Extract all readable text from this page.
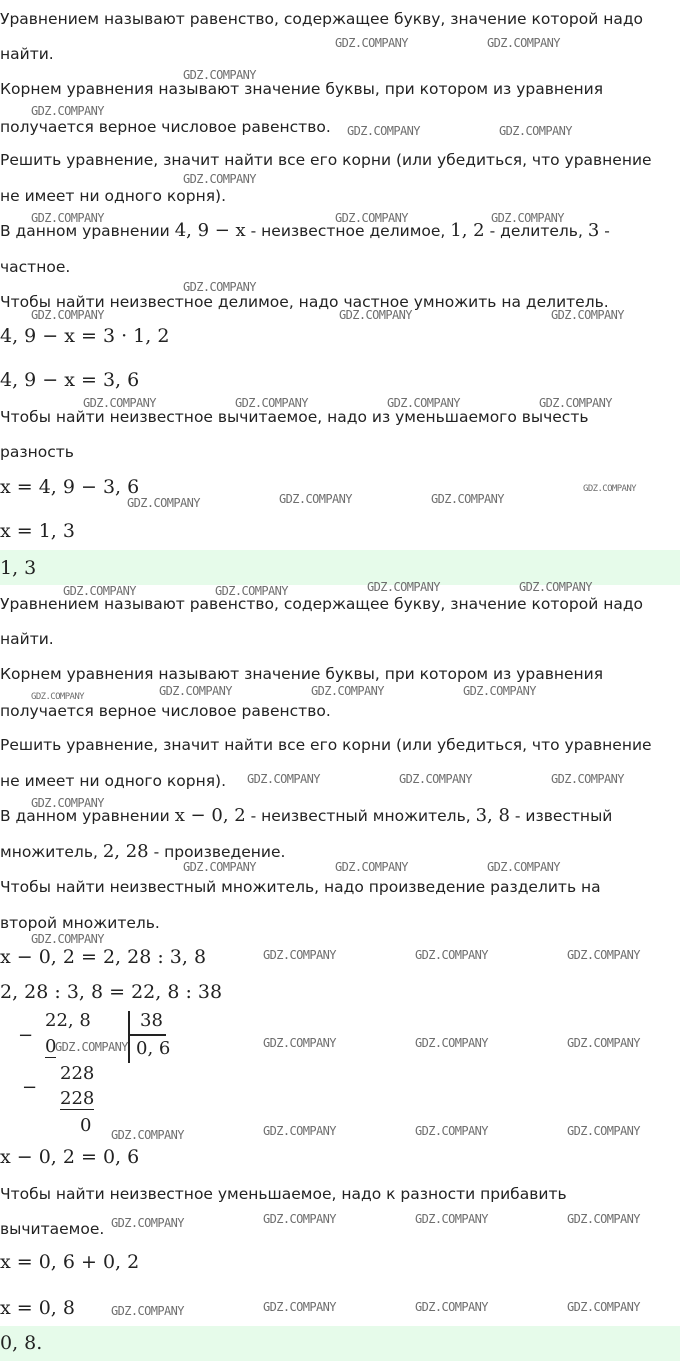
Уравнением называют равенство, содержащее букву, значение которой надо
найти.
Корнем уравнения называют значение буквы, при котором из уравнения
получается верное числовое равенство.
Решить уравнение, значит найти все его корни (или убедиться, что уравнение
не имеет ни одного корня).
В данном уравнении 4, 9 − x - неизвестное делимое, 1, 2 - делитель, 3 -
частное.
Чтобы найти неизвестное делимое, надо частное умножить на делитель.
4, 9 − x = 3 · 1, 2
4, 9 − x = 3, 6
Чтобы найти неизвестное вычитаемое, надо из уменьшаемого вычесть
разность
x = 4, 9 − 3, 6
x = 1, 3
1, 3
Уравнением называют равенство, содержащее букву, значение которой надо
найти.
Корнем уравнения называют значение буквы, при котором из уравнения
получается верное числовое равенство.
Решить уравнение, значит найти все его корни (или убедиться, что уравнение
не имеет ни одного корня).
В данном уравнении x − 0, 2 - неизвестный множитель, 3, 8 - известный
множитель, 2, 28 - произведение.
Чтобы найти неизвестный множитель, надо произведение разделить на
второй множитель.
x − 0, 2 = 2, 28 : 3, 8
2, 28 : 3, 8 = 22, 8 : 38
−
22, 8	38
0	0, 6
−
228
228
0
x − 0, 2 = 0, 6
Чтобы найти неизвестное уменьшаемое, надо к разности прибавить
вычитаемое.
x = 0, 6 + 0, 2
x = 0, 8
0, 8.
GDZ.COMPANY	GDZ.COMPANY
GDZ.COMPANY
GDZ.COMPANY
GDZ.COMPANY	GDZ.COMPANY
GDZ.COMPANY
GDZ.COMPANY	GDZ.COMPANY	GDZ.COMPANY
GDZ.COMPANY
GDZ.COMPANY	GDZ.COMPANY	GDZ.COMPANY
GDZ.COMPANY	GDZ.COMPANY	GDZ.COMPANY	GDZ.COMPANY
GDZ.COMPANY	GDZ.COMPANY	GDZ.COMPANY
GDZ.COMPANY
GDZ.COMPANY	GDZ.COMPANY	GDZ.COMPANY	GDZ.COMPANY
GDZ.COMPANY	GDZ.COMPANY	GDZ.COMPANY	GDZ.COMPANY
GDZ.COMPANY	GDZ.COMPANY	GDZ.COMPANY
GDZ.COMPANY
GDZ.COMPANY	GDZ.COMPANY	GDZ.COMPANY
GDZ.COMPANY
GDZ.COMPANY	GDZ.COMPANY	GDZ.COMPANY
GDZ.COMPANY	GDZ.COMPANY	GDZ.COMPANY	GDZ.COMPANY
GDZ.COMPANY	GDZ.COMPANY	GDZ.COMPANY	GDZ.COMPANY
GDZ.COMPANY	GDZ.COMPANY	GDZ.COMPANY	GDZ.COMPANY
GDZ.COMPANY	GDZ.COMPANY	GDZ.COMPANY	GDZ.COMPANY
